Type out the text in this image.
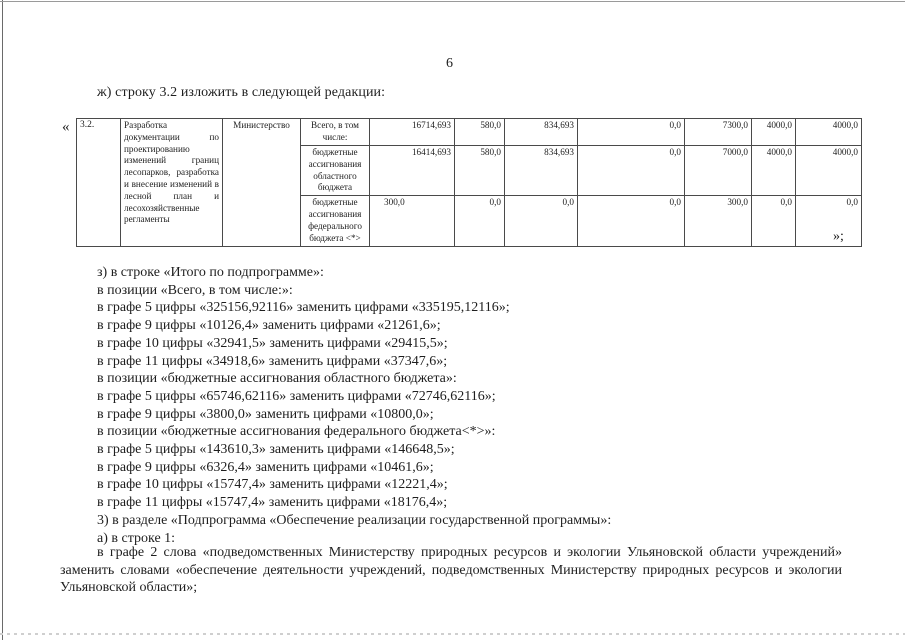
6
ж) строку 3.2 изложить в следующей редакции:
«
»;
3.2.	Разработка документации по проектированию изменений границ лесопарков, разработка и внесение изменений в лесной план и лесохозяйственные регламенты	Министерство	Всего, в том числе:	16714,693	580,0	834,693	0,0	7300,0	4000,0	4000,0
			бюджетные ассигнования областного бюджета	16414,693	580,0	834,693	0,0	7000,0	4000,0	4000,0
			бюджетные ассигнования федерального бюджета <*>	300,0	0,0	0,0	0,0	300,0	0,0	0,0
з) в строке «Итого по подпрограмме»:
в позиции «Всего, в том числе:»:
в графе 5 цифры «325156,92116» заменить цифрами «335195,12116»;
в графе 9 цифры «10126,4» заменить цифрами «21261,6»;
в графе 10 цифры «32941,5» заменить цифрами «29415,5»;
в графе 11 цифры «34918,6» заменить цифрами «37347,6»;
в позиции «бюджетные ассигнования областного бюджета»:
в графе 5 цифры «65746,62116» заменить цифрами «72746,62116»;
в графе 9 цифры «3800,0» заменить цифрами «10800,0»;
в позиции «бюджетные ассигнования федерального бюджета<*>»:
в графе 5 цифры «143610,3» заменить цифрами «146648,5»;
в графе 9 цифры «6326,4» заменить цифрами «10461,6»;
в графе 10 цифры «15747,4» заменить цифрами «12221,4»;
в графе 11 цифры «15747,4» заменить цифрами «18176,4»;
3) в разделе «Подпрограмма «Обеспечение реализации государственной программы»:
а) в строке 1:
в графе 2 слова «подведомственных Министерству природных ресурсов и экологии Ульяновской области учреждений» заменить словами «обеспечение деятельности учреждений, подведомственных Министерству природных ресурсов и экологии Ульяновской области»;
